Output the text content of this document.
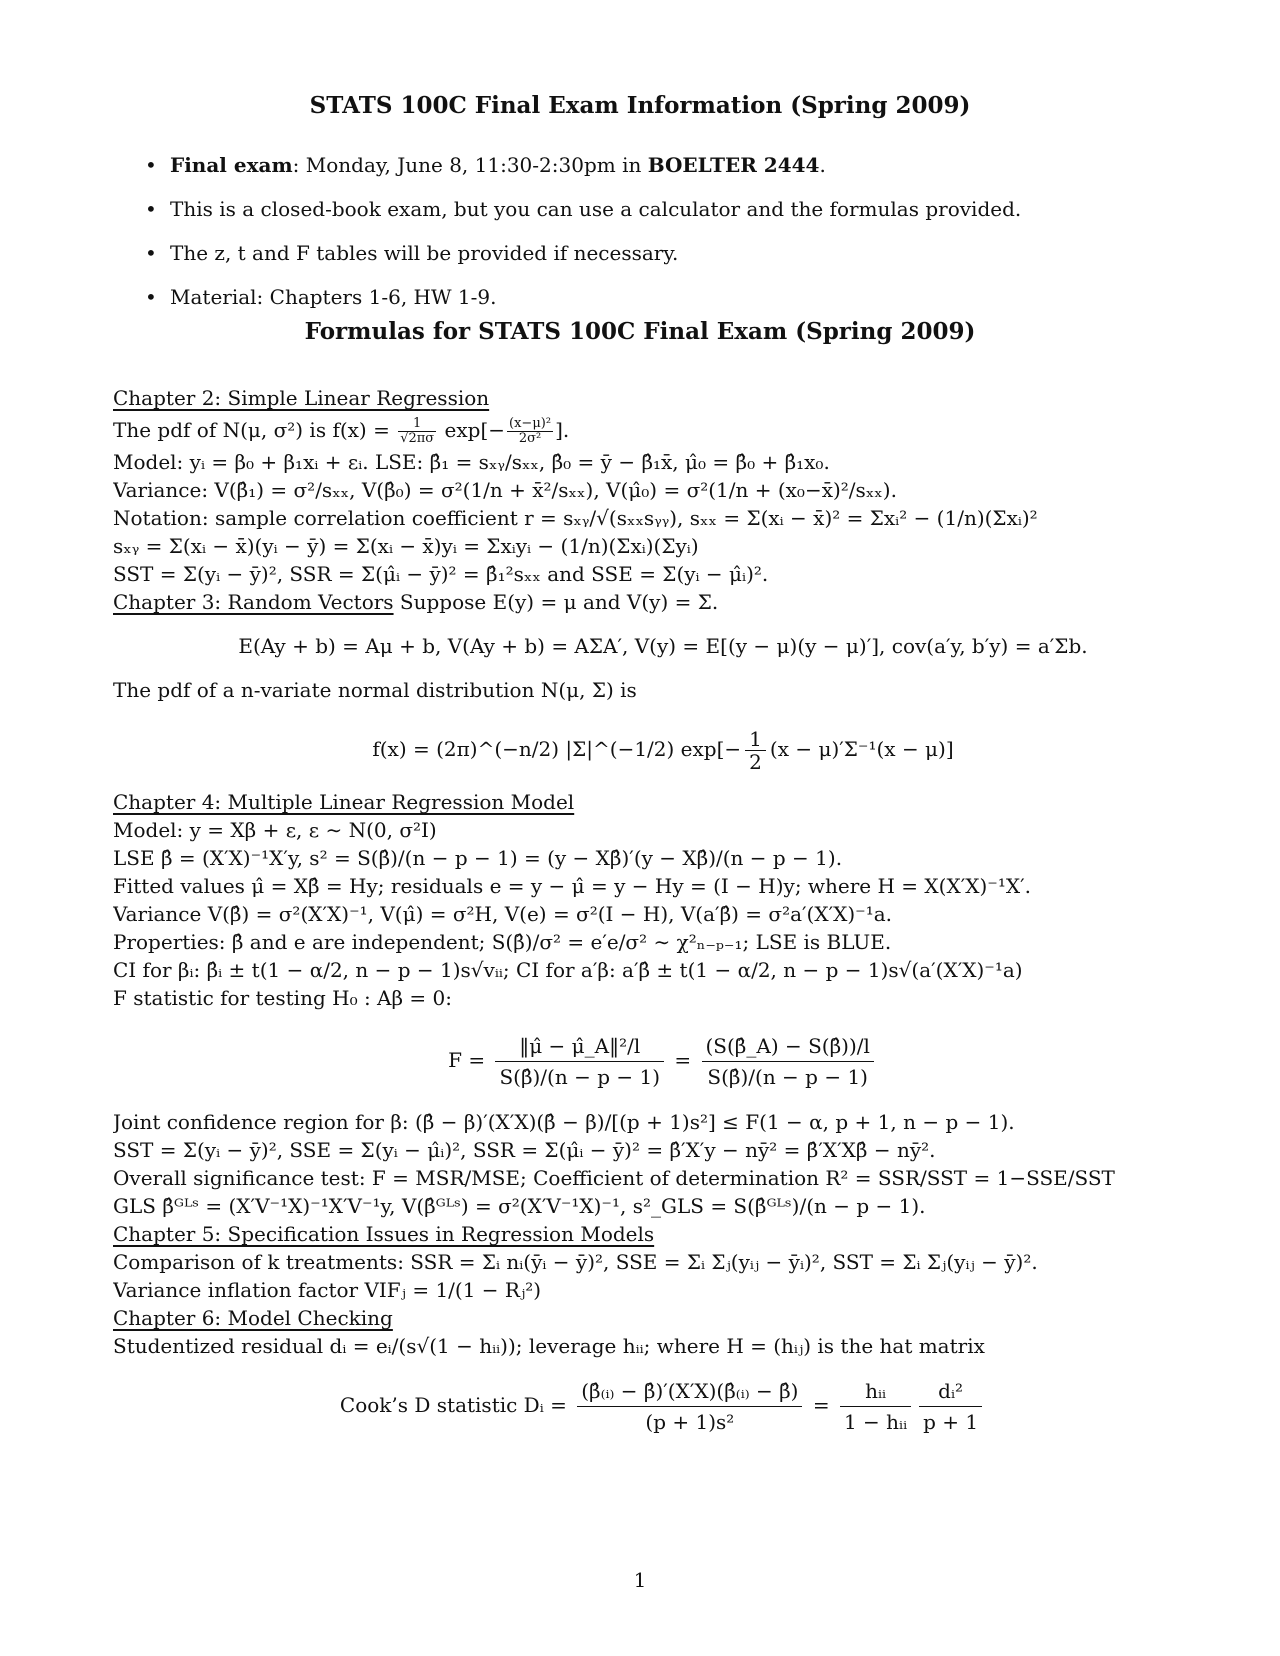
STATS 100C Final Exam Information (Spring 2009)
• Final exam: Monday, June 8, 11:30-2:30pm in BOELTER 2444.
• This is a closed-book exam, but you can use a calculator and the formulas provided.
• The z, t and F tables will be provided if necessary.
• Material: Chapters 1-6, HW 1-9.
Formulas for STATS 100C Final Exam (Spring 2009)
Chapter 2: Simple Linear Regression
The pdf of N(μ, σ²) is $f(x) = \frac{1}{√2\pi\sigma} \exp[- \frac{\text{(x−μ)²}}{\text{2σ²}}$ ].
Model: yᵢ = β₀ + β₁xᵢ + εᵢ. LSE: β̂₁ = sₓᵧ/sₓₓ, β̂₀ = ȳ − β̂₁x̄, μ̂₀ = β̂₀ + β̂₁x₀.
Variance: V(β̂₁) = σ²/sₓₓ, V(β̂₀) = σ²(1/n + x̄²/sₓₓ), V(μ̂₀) = σ²(1/n + (x₀−x̄)²/sₓₓ).
Notation: sample correlation coefficient r = sₓᵧ/√(sₓₓsᵧᵧ), sₓₓ = Σ(xᵢ − x̄)² = Σxᵢ² − (1/n)(Σxᵢ)²
sₓᵧ = Σ(xᵢ − x̄)(yᵢ − ȳ) = Σ(xᵢ − x̄)yᵢ = Σxᵢyᵢ − (1/n)(Σxᵢ)(Σyᵢ)
SST = Σ(yᵢ − ȳ)², SSR = Σ(μ̂ᵢ − ȳ)² = β̂₁²sₓₓ and SSE = Σ(yᵢ − μ̂ᵢ)².
Chapter 3: Random Vectors Suppose E(y) = μ and V(y) = Σ.
E(Ay + b) = Aμ + b, V(Ay + b) = AΣA′, V(y) = E[(y − μ)(y − μ)′], cov(a′y, b′y) = a′Σb.
The pdf of a n-variate normal distribution N(μ, Σ) is
f(x) = (2π)^(−n/2) |Σ|^(−1/2) $\exp[- \frac{1}{2} (x - \mu)'\Sigma^{-1}(x - \mu)]$
Chapter 4: Multiple Linear Regression Model
Model: y = Xβ + ε, ε ∼ N(0, σ²I)
LSE β̂ = (X′X)⁻¹X′y, s² = S(β̂)/(n − p − 1) = (y − Xβ̂)′(y − Xβ̂)/(n − p − 1).
Fitted values μ̂ = Xβ̂ = Hy; residuals e = y − μ̂ = y − Hy = (I − H)y; where H = X(X′X)⁻¹X′.
Variance V(β̂) = σ²(X′X)⁻¹, V(μ̂) = σ²H, V(e) = σ²(I − H), V(a′β̂) = σ²a′(X′X)⁻¹a.
Properties: β̂ and e are independent; S(β̂)/σ² = e′e/σ² ∼ χ²ₙ₋ₚ₋₁; LSE is BLUE.
CI for βᵢ: β̂ᵢ ± t(1 − α/2, n − p − 1)s√vᵢᵢ; CI for a′β: a′β̂ ± t(1 − α/2, n − p − 1)s√(a′(X′X)⁻¹a)
F statistic for testing H₀ : Aβ = 0:
$F = \frac{\text{‖μ̂ − μ̂\_A‖²/l}}{S(\betâ)/(n - p - 1)} = \frac{(S(\betâ\_A) - S(\betâ))/l}{S(\betâ)/(n - p - 1)}$
Joint confidence region for β: (β̂ − β)′(X′X)(β̂ − β)/[(p + 1)s²] ≤ F(1 − α, p + 1, n − p − 1).
SST = Σ(yᵢ − ȳ)², SSE = Σ(yᵢ − μ̂ᵢ)², SSR = Σ(μ̂ᵢ − ȳ)² = β̂′X′y − nȳ² = β̂′X′Xβ̂ − nȳ².
Overall significance test: F = MSR/MSE; Coefficient of determination R² = SSR/SST = 1−SSE/SST
GLS β̂ᴳᴸˢ = (X′V⁻¹X)⁻¹X′V⁻¹y, V(β̂ᴳᴸˢ) = σ²(X′V⁻¹X)⁻¹, s²_GLS = S(β̂ᴳᴸˢ)/(n − p − 1).
Chapter 5: Specification Issues in Regression Models
Comparison of k treatments: SSR = Σᵢ nᵢ(ȳᵢ − ȳ)², SSE = Σᵢ Σⱼ(yᵢⱼ − ȳᵢ)², SST = Σᵢ Σⱼ(yᵢⱼ − ȳ)².
Variance inflation factor VIFⱼ = 1/(1 − Rⱼ²)
Chapter 6: Model Checking
Studentized residual dᵢ = eᵢ/(s√(1 − hᵢᵢ)); leverage hᵢᵢ; where H = (hᵢⱼ) is the hat matrix
Cook’s D statistic Dᵢ = $\frac{\text{(β̂₍ᵢ₎ − β̂)′(X′X)(β̂₍ᵢ₎ − β̂)}}{\text{(p + 1)s²}} = \frac{\text{hᵢᵢ}}{\text{1 − hᵢᵢ}} \frac{\text{dᵢ²}}{p + 1}$
1
